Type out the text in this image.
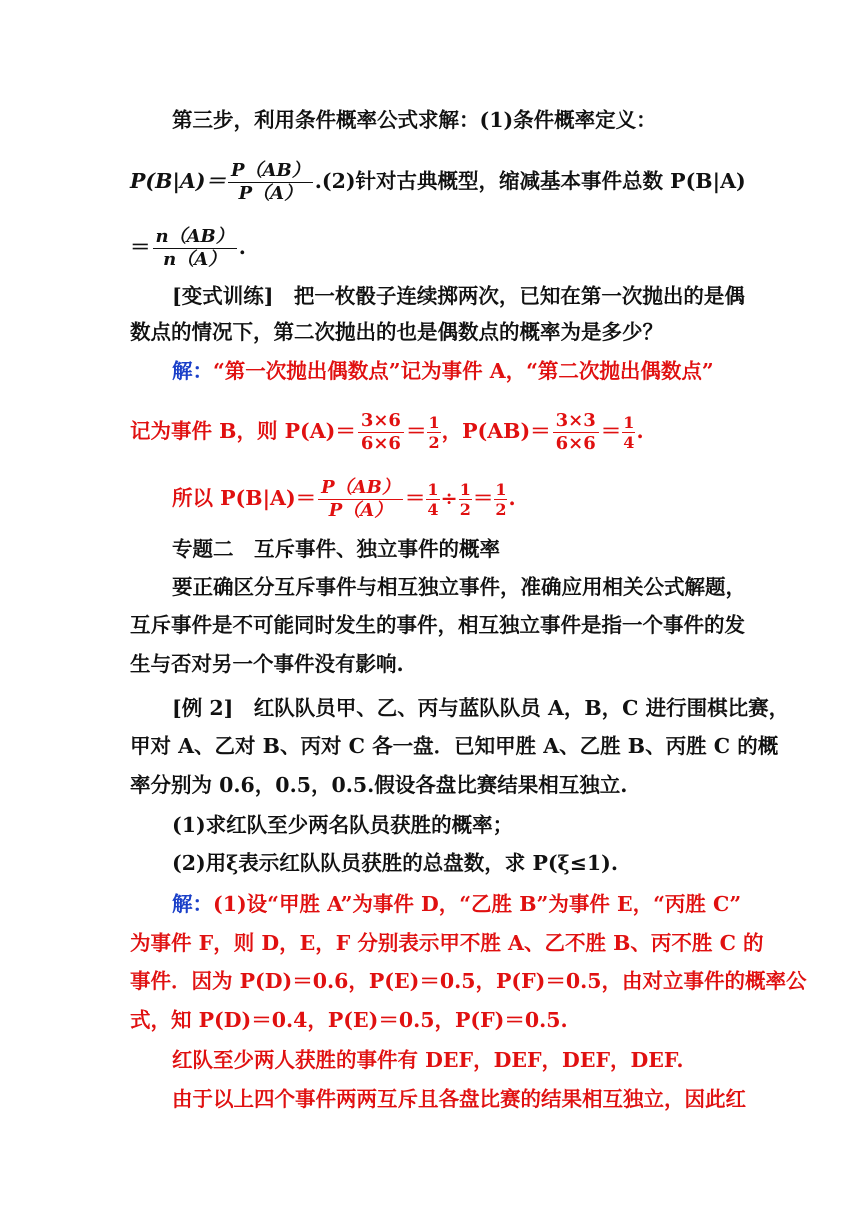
第三步，利用条件概率公式求解：(1)条件概率定义：
$P(B|A)= \frac{P(AB)}{P(A)} .(2)$针对古典概型，缩减基本事件总数 P(B|A)
＝ $\frac{n(AB)}{n(A)}$ .
[变式训练]　把一枚骰子连续掷两次，已知在第一次抛出的是偶
数点的情况下，第二次抛出的也是偶数点的概率为是多少？
解：“第一次抛出偶数点”记为事件 A，“第二次抛出偶数点”
记为事件 B，则 $P(A)= \frac{3\times 6}{6\times 6} = \frac{1}{2}$ ，$P(AB)= \frac{3\times 3}{6\times 6} = \frac{1}{4}$ .
所以 $P(B|A)= \frac{P(AB)}{P(A)} = \frac{1}{4} \div \frac{1}{2} = \frac{1}{2}$ .
专题二　互斥事件、独立事件的概率
要正确区分互斥事件与相互独立事件，准确应用相关公式解题，
互斥事件是不可能同时发生的事件，相互独立事件是指一个事件的发
生与否对另一个事件没有影响.
[例 2]　红队队员甲、乙、丙与蓝队队员 A，B，C 进行围棋比赛，
甲对 A、乙对 B、丙对 C 各一盘．已知甲胜 A、乙胜 B、丙胜 C 的概
率分别为 0.6，0.5，0.5.假设各盘比赛结果相互独立.
(1)求红队至少两名队员获胜的概率；
(2)用ξ表示红队队员获胜的总盘数，求 P(ξ≤1).
解：(1)设“甲胜 A”为事件 D，“乙胜 B”为事件 E，“丙胜 C”
为事件 F，则 D，E，F 分别表示甲不胜 A、乙不胜 B、丙不胜 C 的
事件．因为 P(D)＝0.6，P(E)＝0.5，P(F)＝0.5，由对立事件的概率公
式，知 P(D)＝0.4，P(E)＝0.5，P(F)＝0.5.
红队至少两人获胜的事件有 DEF，DEF，DEF，DEF.
由于以上四个事件两两互斥且各盘比赛的结果相互独立，因此红
